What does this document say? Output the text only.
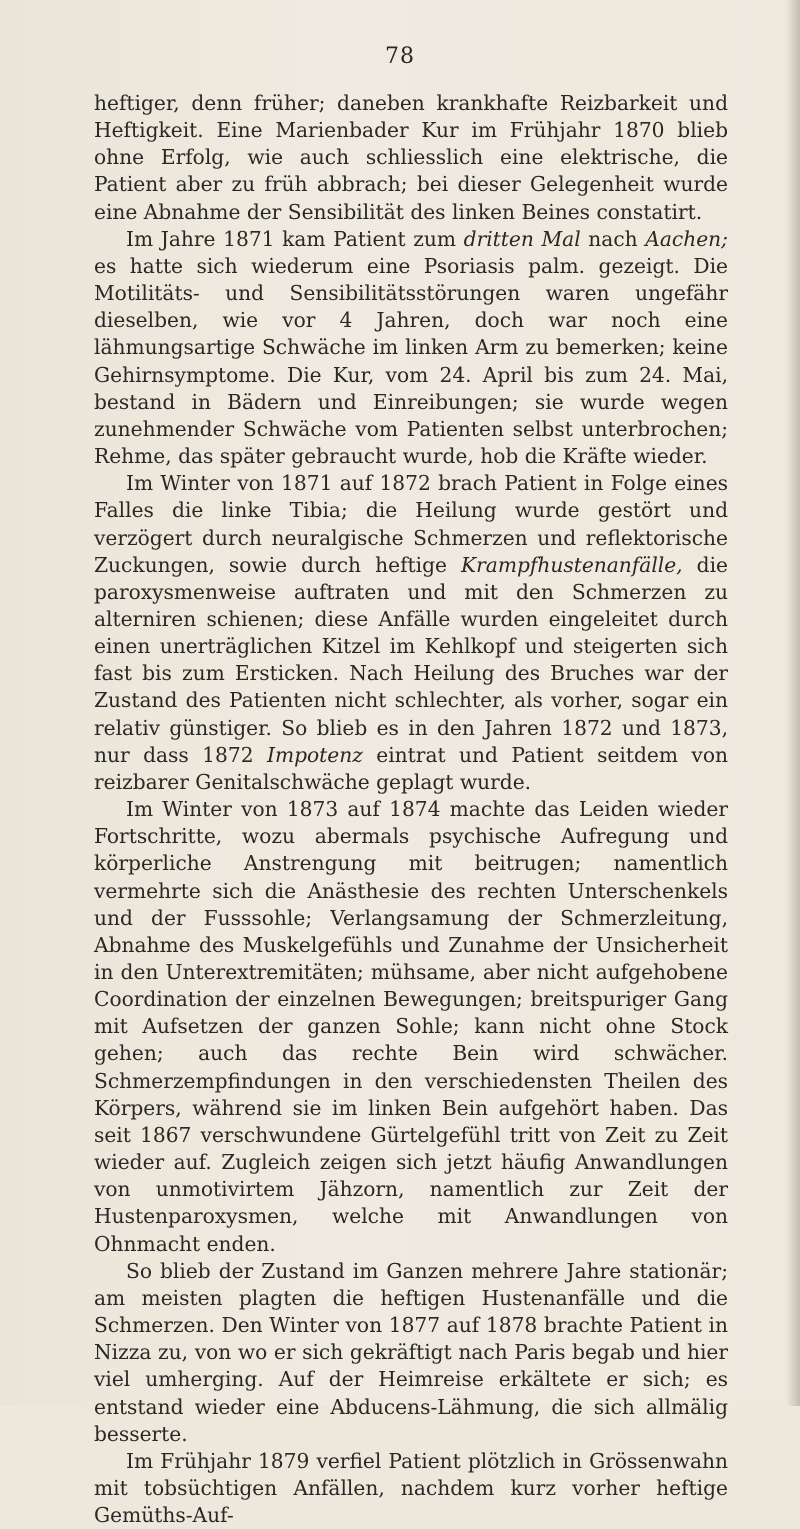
78

heftiger, denn früher; daneben krankhafte Reizbarkeit und Heftigkeit. Eine Marienbader Kur im Frühjahr 1870 blieb ohne Erfolg, wie auch schliesslich eine elektrische, die Patient aber zu früh abbrach; bei dieser Gelegenheit wurde eine Abnahme der Sensibilität des linken Beines constatirt.

Im Jahre 1871 kam Patient zum dritten Mal nach Aachen; es hatte sich wiederum eine Psoriasis palm. gezeigt. Die Motilitäts- und Sensibilitätsstörungen waren ungefähr dieselben, wie vor 4 Jahren, doch war noch eine lähmungsartige Schwäche im linken Arm zu bemerken; keine Gehirnsymptome. Die Kur, vom 24. April bis zum 24. Mai, bestand in Bädern und Einreibungen; sie wurde wegen zunehmender Schwäche vom Patienten selbst unterbrochen; Rehme, das später gebraucht wurde, hob die Kräfte wieder.

Im Winter von 1871 auf 1872 brach Patient in Folge eines Falles die linke Tibia; die Heilung wurde gestört und verzögert durch neuralgische Schmerzen und reflektorische Zuckungen, sowie durch heftige Krampfhustenanfälle, die paroxysmenweise auftraten und mit den Schmerzen zu alterniren schienen; diese Anfälle wurden eingeleitet durch einen unerträglichen Kitzel im Kehlkopf und steigerten sich fast bis zum Ersticken. Nach Heilung des Bruches war der Zustand des Patienten nicht schlechter, als vorher, sogar ein relativ günstiger. So blieb es in den Jahren 1872 und 1873, nur dass 1872 Impotenz eintrat und Patient seitdem von reizbarer Genitalschwäche geplagt wurde.

Im Winter von 1873 auf 1874 machte das Leiden wieder Fortschritte, wozu abermals psychische Aufregung und körperliche Anstrengung mit beitrugen; namentlich vermehrte sich die Anästhesie des rechten Unterschenkels und der Fusssohle; Verlangsamung der Schmerzleitung, Abnahme des Muskelgefühls und Zunahme der Unsicherheit in den Unterextremitäten; mühsame, aber nicht aufgehobene Coordination der einzelnen Bewegungen; breitspuriger Gang mit Aufsetzen der ganzen Sohle; kann nicht ohne Stock gehen; auch das rechte Bein wird schwächer. Schmerzempfindungen in den verschiedensten Theilen des Körpers, während sie im linken Bein aufgehört haben. Das seit 1867 verschwundene Gürtelgefühl tritt von Zeit zu Zeit wieder auf. Zugleich zeigen sich jetzt häufig Anwandlungen von unmotivirtem Jähzorn, namentlich zur Zeit der Hustenparoxysmen, welche mit Anwandlungen von Ohnmacht enden.

So blieb der Zustand im Ganzen mehrere Jahre stationär; am meisten plagten die heftigen Hustenanfälle und die Schmerzen. Den Winter von 1877 auf 1878 brachte Patient in Nizza zu, von wo er sich gekräftigt nach Paris begab und hier viel umherging. Auf der Heimreise erkältete er sich; es entstand wieder eine Abducens-Lähmung, die sich allmälig besserte.

Im Frühjahr 1879 verfiel Patient plötzlich in Grössenwahn mit tobsüchtigen Anfällen, nachdem kurz vorher heftige Gemüths-Auf-
